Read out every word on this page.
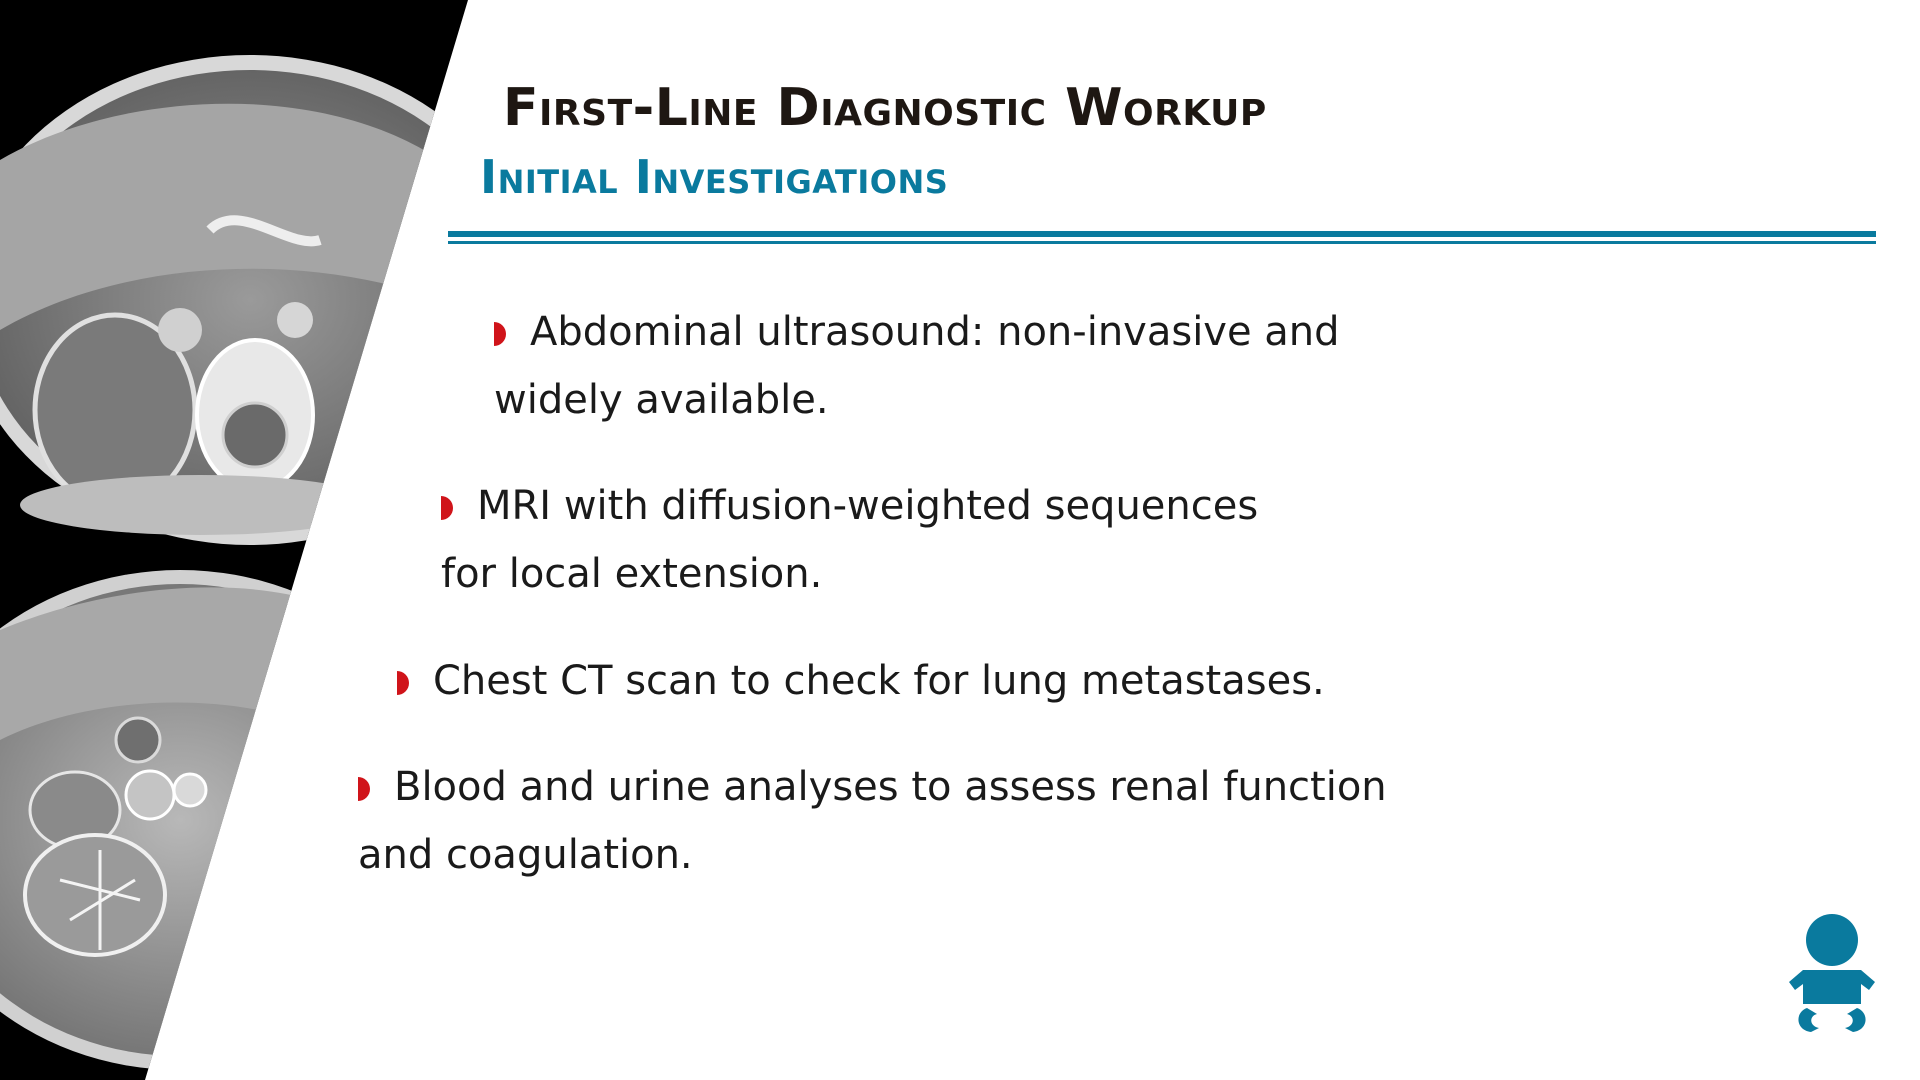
First-Line Diagnostic Workup
Initial Investigations
Abdominal ultrasound: non-invasive and
widely available.
MRI with diffusion-weighted sequences
for local extension.
Chest CT scan to check for lung metastases.
Blood and urine analyses to assess renal function
and coagulation.
